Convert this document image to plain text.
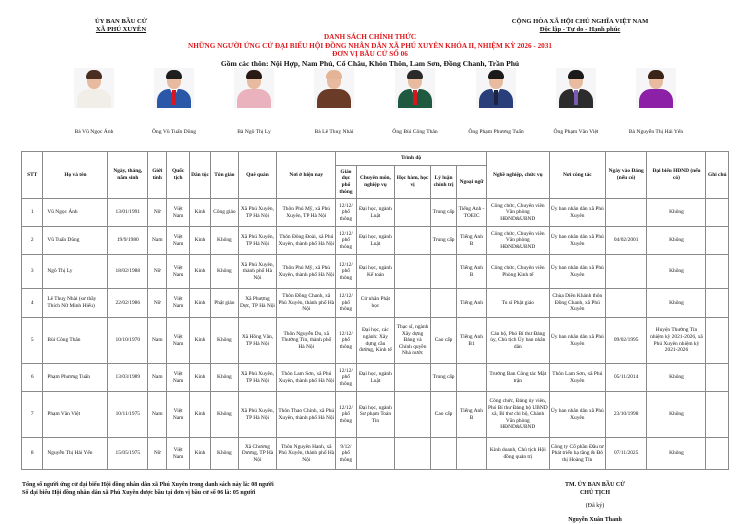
ỦY BAN BẦU CỬ
XÃ PHÚ XUYÊN
CỘNG HÒA XÃ HỘI CHỦ NGHĨA VIỆT NAM
Độc lập - Tự do - Hạnh phúc
DANH SÁCH CHÍNH THỨC
NHỮNG NGƯỜI ỨNG CỬ ĐẠI BIỂU HỘI ĐỒNG NHÂN DÂN XÃ PHÚ XUYÊN KHÓA II, NHIỆM KỲ 2026 - 2031
ĐƠN VỊ BẦU CỬ SỐ 06
Gồm các thôn: Nội Hợp, Nam Phú, Cổ Châu, Khôn Thôn, Lam Sơn, Đồng Chanh, Trần Phú
Bà Vũ Ngọc Ánh	Ông Vũ Tuấn Dũng	Bà Ngô Thị Ly	Bà Lê Thuỵ Nhài	Ông Bùi Công Thân	Ông Phạm Phương Tuấn	Ông Phạm Văn Việt	Bà Nguyễn Thị Hải Yến
STT	Họ và tên	Ngày, tháng, năm sinh	Giới tính	Quốc tịch	Dân tộc	Tôn giáo	Quê quán	Nơi ở hiện nay	Trình độ					Nghề nghiệp, chức vụ	Nơi công tác	Ngày vào Đảng (nếu có)	Đại biểu HĐND (nếu có)	Ghi chú
									Giáo dục phổ thông	Chuyên môn, nghiệp vụ	Học hàm, học vị	Lý luận chính trị	Ngoại ngữ					
1	Vũ Ngọc Ánh	13/01/1991	Nữ	Việt Nam	Kinh	Công giáo	Xã Phú Xuyên, TP Hà Nội	Thôn Phú Mỹ, xã Phú Xuyên, TP Hà Nội	12/12/ phổ thông	Đại học, ngành Luật		Trung cấp	Tiếng Anh - TOEIC	Công chức, Chuyên viên Văn phòng HĐND&UBND	Ủy ban nhân dân xã Phú Xuyên		Không	
2	Vũ Tuấn Dũng	19/9/1980	Nam	Việt Nam	Kinh	Không	Xã Phú Xuyên, TP Hà Nội	Thôn Đông Đoài, xã Phú Xuyên, thành phố Hà Nội	12/12/ phổ thông	Đại học, ngành Luật		Trung cấp	Tiếng Anh B	Công chức, Chuyên viên Văn phòng HĐND&UBND	Ủy ban nhân dân xã Phú Xuyên	04/02/2001	Không	
3	Ngô Thị Ly	18/02/1988	Nữ	Việt Nam	Kinh	Không	Xã Phú Xuyên, thành phố Hà Nội	Thôn Phú Mỹ, xã Phú Xuyên, thành phố Hà Nội	12/12/ phổ thông	Đại học, ngành Kế toán			Tiếng Anh B	Công chức, Chuyên viên Phòng Kinh tế	Ủy ban nhân dân xã Phú Xuyên		Không	
4	Lê Thuỵ Nhài (sư thầy Thích Nữ Minh Hiếu)	22/02/1986	Nữ	Việt Nam	Kinh	Phật giáo	Xã Phượng Dực, TP Hà Nội	Thôn Đồng Chanh, xã Phú Xuyên, thành phố Hà Nội	12/12/ phổ thông	Cử nhân Phật học			Tiếng Anh	Tu sĩ Phật giáo	Chùa Diên Khánh thôn Đồng Chanh, xã Phú Xuyên		Không	
5	Bùi Công Thân	10/10/1970	Nam	Việt Nam	Kinh	Không	Xã Hồng Vân, TP Hà Nội	Thôn Nguyễn Du, xã Thường Tín, thành phố Hà Nội	12/12/ phổ thông	Đại học, các ngành: Xây dựng cầu đường, Kinh tế	Thạc sĩ, ngành Xây dựng Đảng và Chính quyền Nhà nước	Cao cấp	Tiếng Anh B1	Cán bộ, Phó Bí thư Đảng ủy, Chủ tịch Ủy ban nhân dân	Ủy ban nhân dân xã Phú Xuyên	09/02/1995	Huyện Thường Tín nhiệm kỳ 2021-2026, xã Phú Xuyên nhiệm kỳ 2021-2026	
6	Phạm Phương Tuấn	13/03/1989	Nam	Việt Nam	Kinh	Không	Xã Phú Xuyên, TP Hà Nội	Thôn Lam Sơn, xã Phú Xuyên, thành phố Hà Nội	12/12/ phổ thông	Đại học, ngành Luật		Trung cấp		Trưởng Ban Công tác Mặt trận	Thôn Lam Sơn, xã Phú Xuyên	05/11/2014	Không	
7	Phạm Văn Việt	10/11/1975	Nam	Việt Nam	Kinh	Không	Xã Phú Xuyên, TP Hà Nội	Thôn Thao Chính, xã Phú Xuyên, thành phố Hà Nội	12/12/ phổ thông	Đại học, ngành Sư phạm Toán Tin		Cao cấp	Tiếng Anh B	Công chức, Đảng ủy viên, Phó Bí thư Đảng bộ UBND xã, Bí thư chi bộ, Chánh Văn phòng HĐND&UBND	Ủy ban nhân dân xã Phú Xuyên	23/10/1998	Không	
8	Nguyễn Thị Hải Yến	15/05/1975	Nữ	Việt Nam	Kinh	Không	Xã Chương Dương, TP Hà Nội	Thôn Nguyên Hanh, xã Phú Xuyên, thành phố Hà Nội	9/12/ phổ thông					Kinh doanh, Chủ tịch Hội đồng quản trị	Công ty Cổ phần Đầu tư Phát triển hạ tầng & Đô thị Hoàng Tín	07/11/2025	Không	
Tổng số người ứng cử đại biểu Hội đồng nhân dân xã Phú Xuyên trong danh sách này là: 08 người
Số đại biểu Hội đồng nhân dân xã Phú Xuyên được bầu tại đơn vị bầu cử số 06 là: 05 người
TM. ỦY BAN BẦU CỬ
CHỦ TỊCH
(Đã ký)
Nguyễn Xuân Thanh
